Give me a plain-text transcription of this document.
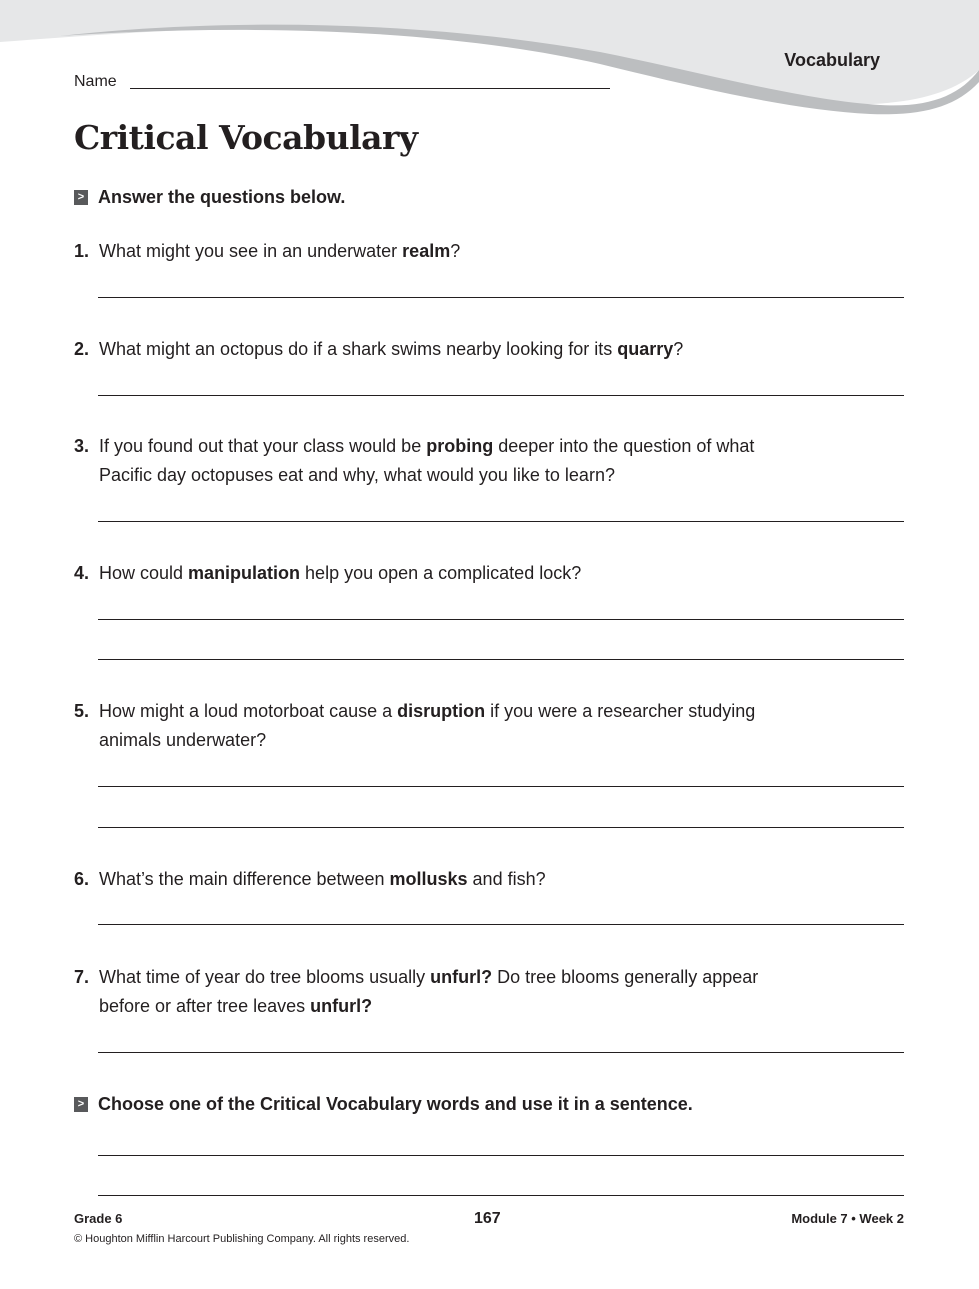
Vocabulary
Name
Critical Vocabulary
> Answer the questions below.
1. What might you see in an underwater realm?
2. What might an octopus do if a shark swims nearby looking for its quarry?
3. If you found out that your class would be probing deeper into the question of what Pacific day octopuses eat and why, what would you like to learn?
4. How could manipulation help you open a complicated lock?
5. How might a loud motorboat cause a disruption if you were a researcher studying animals underwater?
6. What’s the main difference between mollusks and fish?
7. What time of year do tree blooms usually unfurl? Do tree blooms generally appear before or after tree leaves unfurl?
> Choose one of the Critical Vocabulary words and use it in a sentence.
Grade 6
© Houghton Mifflin Harcourt Publishing Company. All rights reserved.
167	Module 7 • Week 2
